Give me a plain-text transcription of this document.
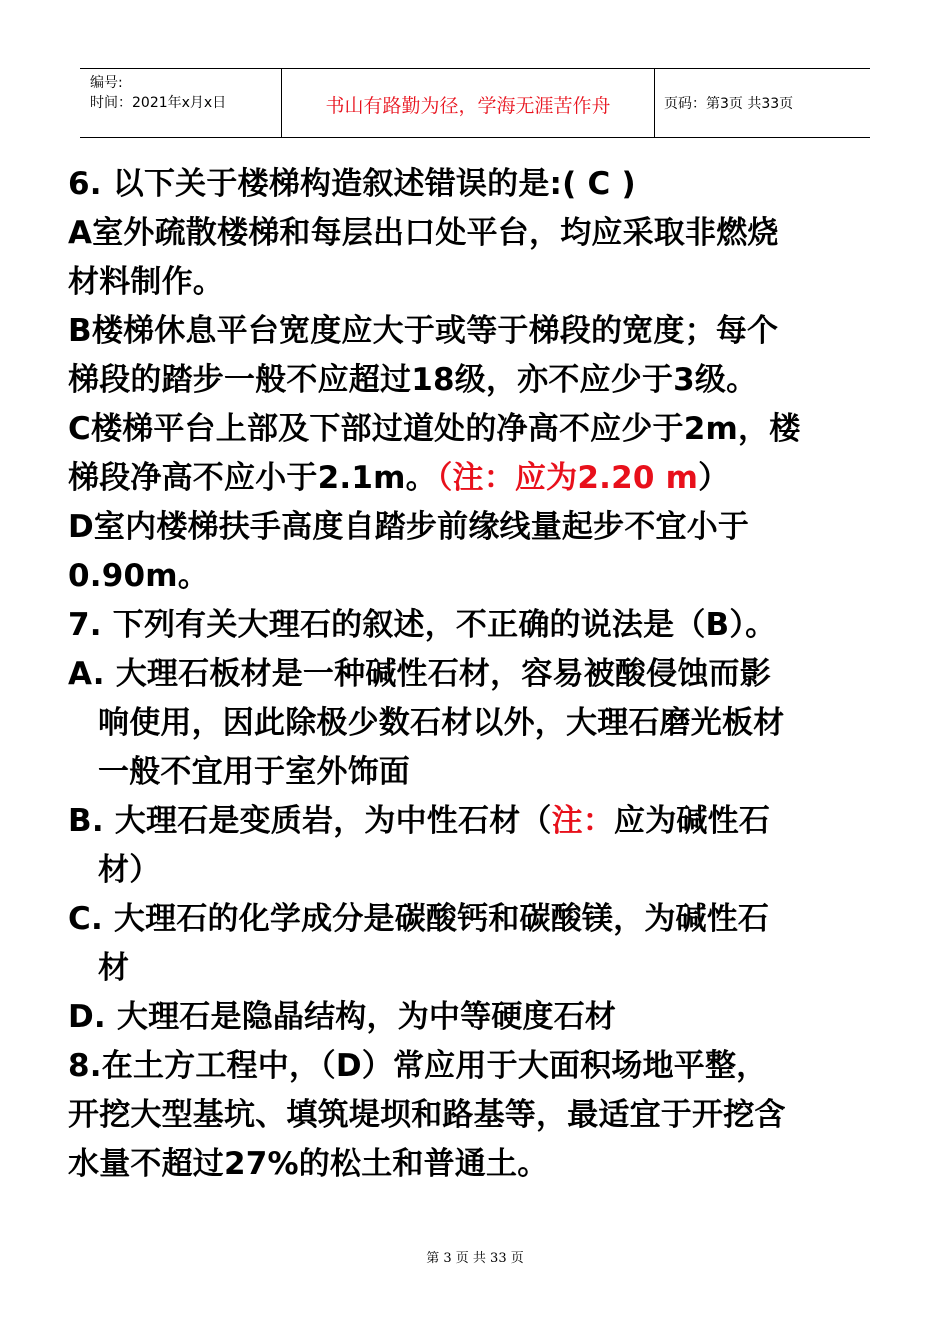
编号:
时间：2021年x月x日	书山有路勤为径，学海无涯苦作舟	页码：第3页 共33页
6. 以下关于楼梯构造叙述错误的是:( C )
A室外疏散楼梯和每层出口处平台，均应采取非燃烧
材料制作。
B楼梯休息平台宽度应大于或等于梯段的宽度；每个
梯段的踏步一般不应超过18级，亦不应少于3级。
C楼梯平台上部及下部过道处的净高不应少于2m，楼
梯段净高不应小于2.1m。（注：应为2.20 m）
D室内楼梯扶手高度自踏步前缘线量起步不宜小于
0.90m。
7. 下列有关大理石的叙述，不正确的说法是（B）。
A. 大理石板材是一种碱性石材，容易被酸侵蚀而影
响使用，因此除极少数石材以外，大理石磨光板材
一般不宜用于室外饰面
B. 大理石是变质岩，为中性石材（注：应为碱性石
材）
C. 大理石的化学成分是碳酸钙和碳酸镁，为碱性石
材
D. 大理石是隐晶结构，为中等硬度石材
8.在土方工程中，（D）常应用于大面积场地平整，
开挖大型基坑、填筑堤坝和路基等，最适宜于开挖含
水量不超过27%的松土和普通土。
第 3 页 共 33 页
